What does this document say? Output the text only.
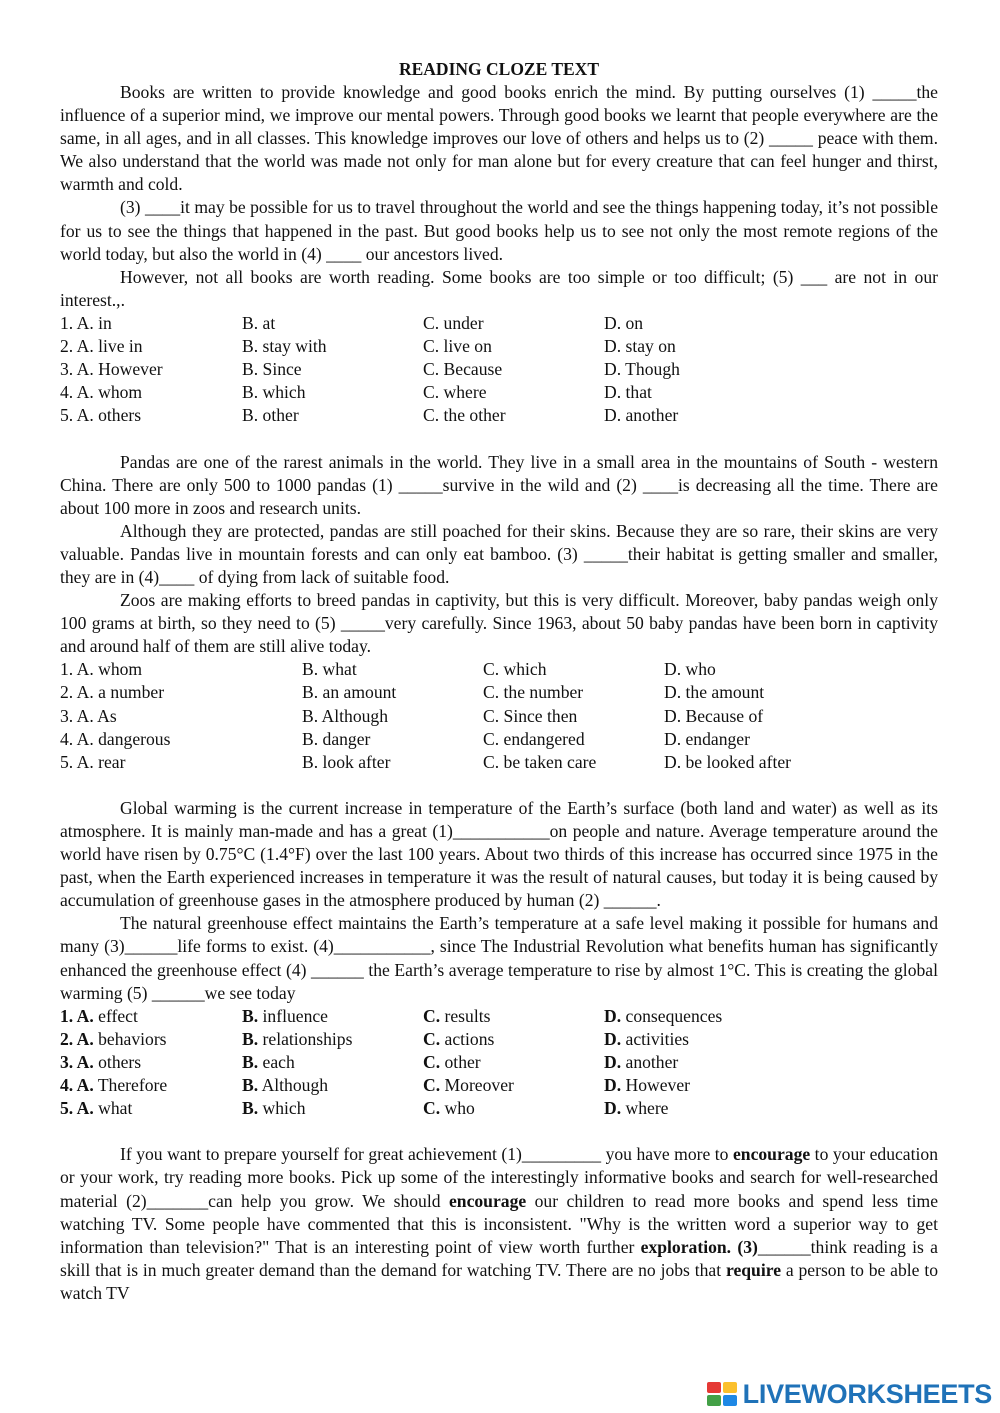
READING CLOZE TEXT

Books are written to provide knowledge and good books enrich the mind. By putting ourselves (1) _____the influence of a superior mind, we improve our mental powers. Through good books we learnt that people everywhere are the same, in all ages, and in all classes. This knowledge improves our love of others and helps us to (2) _____ peace with them. We also understand that the world was made not only for man alone but for every creature that can feel hunger and thirst, warmth and cold.

(3) ____it may be possible for us to travel throughout the world and see the things happening today, it’s not possible for us to see the things that happened in the past. But good books help us to see not only the most remote regions of the world today, but also the world in (4) ____ our ancestors lived.

However, not all books are worth reading. Some books are too simple or too difficult; (5) ___ are not in our interest.,.

1. A. in	B. at	C. under	D. on
2. A. live in	B. stay with	C. live on	D. stay on
3. A. However	B. Since	C. Because	D. Though
4. A. whom	B. which	C. where	D. that
5. A. others	B. other	C. the other	D. another

Pandas are one of the rarest animals in the world. They live in a small area in the mountains of South - western China. There are only 500 to 1000 pandas (1) _____survive in the wild and (2) ____is decreasing all the time. There are about 100 more in zoos and research units.

Although they are protected, pandas are still poached for their skins. Because they are so rare, their skins are very valuable. Pandas live in mountain forests and can only eat bamboo. (3) _____their habitat is getting smaller and smaller, they are in (4)____ of dying from lack of suitable food.

Zoos are making efforts to breed pandas in captivity, but this is very difficult. Moreover, baby pandas weigh only 100 grams at birth, so they need to (5) _____very carefully. Since 1963, about 50 baby pandas have been born in captivity and around half of them are still alive today.

1. A. whom	B. what	C. which	D. who
2. A. a number	B. an amount	C. the number	D. the amount
3. A. As	B. Although	C. Since then	D. Because of
4. A. dangerous	B. danger	C. endangered	D. endanger
5. A. rear	B. look after	C. be taken care	D. be looked after

Global warming is the current increase in temperature of the Earth’s surface (both land and water) as well as its atmosphere. It is mainly man-made and has a great (1)___________on people and nature. Average temperature around the world have risen by 0.75°C (1.4°F) over the last 100 years. About two thirds of this increase has occurred since 1975 in the past, when the Earth experienced increases in temperature it was the result of natural causes, but today it is being caused by accumulation of greenhouse gases in the atmosphere produced by human (2) ______.

The natural greenhouse effect maintains the Earth’s temperature at a safe level making it possible for humans and many (3)______life forms to exist. (4)___________, since The Industrial Revolution what benefits human has significantly enhanced the greenhouse effect (4) ______ the Earth’s average temperature to rise by almost 1°C. This is creating the global warming (5) ______we see today

1. A. effect	B. influence	C. results	D. consequences
2. A. behaviors	B. relationships	C. actions	D. activities
3. A. others	B. each	C. other	D. another
4. A. Therefore	B. Although	C. Moreover	D. However
5. A. what	B. which	C. who	D. where

If you want to prepare yourself for great achievement (1)_________ you have more to encourage to your education or your work, try reading more books. Pick up some of the interestingly informative books and search for well-researched material (2)_______can help you grow. We should encourage our children to read more books and spend less time watching TV. Some people have commented that this is inconsistent. "Why is the written word a superior way to get information than television?" That is an interesting point of view worth further exploration. (3)______think reading is a skill that is in much greater demand than the demand for watching TV. There are no jobs that require a person to be able to watch TV

LIVEWORKSHEETS
